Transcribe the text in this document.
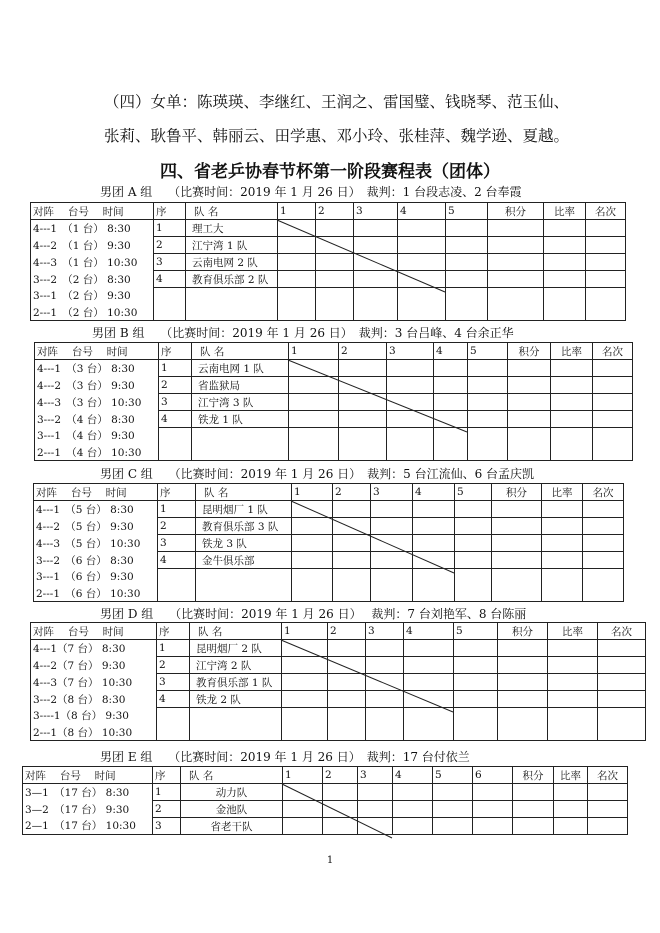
（四）女单：陈瑛瑛、李继红、王润之、雷国璧、钱晓琴、范玉仙、
张莉、耿鲁平、韩丽云、田学惠、邓小玲、张桂萍、魏学逊、夏越。
四、省老乒协春节杯第一阶段赛程表（团体）
男团 A 组　 （比赛时间：2019 年 1 月 26 日）　裁判：1 台段志凌、2 台奉霞
对阵　 台号　 时间	序	队 名	1	2	3	4	5	积分	比率	名次
4---1　（1 台） 8:30	1	理工大								
4---2　（1 台） 9:30	2	江宁湾 1 队								
4---3　（1 台） 10:30	3	云南电网 2 队								
3---2　（2 台） 8:30	4	教育俱乐部 2 队								
3---1　（2 台） 9:30										
2---1　（2 台） 10:30										
男团 B 组　 （比赛时间：2019 年 1 月 26 日）　裁判：3 台吕峰、4 台余正华
对阵　 台号　 时间	序	队 名	1	2	3	4	5	积分	比率	名次
4---1　（3 台） 8:30	1	云南电网 1 队								
4---2　（3 台） 9:30	2	省监狱局								
4---3　（3 台） 10:30	3	江宁湾 3 队								
3---2　（4 台） 8:30	4	铁龙 1 队								
3---1　（4 台） 9:30										
2---1　（4 台） 10:30										
男团 C 组　 （比赛时间：2019 年 1 月 26 日）　裁判：5 台江流仙、6 台孟庆凯
对阵　 台号　 时间	序	队 名	1	2	3	4	5	积分	比率	名次
4---1　（5 台） 8:30	1	昆明烟厂 1 队								
4---2　（5 台） 9:30	2	教育俱乐部 3 队								
4---3　（5 台） 10:30	3	铁龙 3 队								
3---2　（6 台） 8:30	4	金牛俱乐部								
3---1　（6 台） 9:30										
2---1　（6 台） 10:30										
男团 D 组　 （比赛时间：2019 年 1 月 26 日）　 裁判：7 台刘艳军、8 台陈丽
对阵　 台号　 时间	序	队 名	1	2	3	4	5	积分	比率	名次
4---1（7 台） 8:30	1	昆明烟厂 2 队								
4---2（7 台） 9:30	2	江宁湾 2 队								
4---3（7 台） 10:30	3	教育俱乐部 1 队								
3---2（8 台） 8:30	4	铁龙 2 队								
3----1（8 台） 9:30										
2---1（8 台） 10:30										
男团 E 组　 （比赛时间：2019 年 1 月 26 日）　裁判：17 台付依兰
对阵　 台号　 时间	序	队 名	1	2	3	4	5	6	积分	比率	名次
3—1　（17 台） 8:30	1	动力队									
3—2　（17 台） 9:30	2	金池队									
2—1　（17 台） 10:30	3	省老干队									
1
